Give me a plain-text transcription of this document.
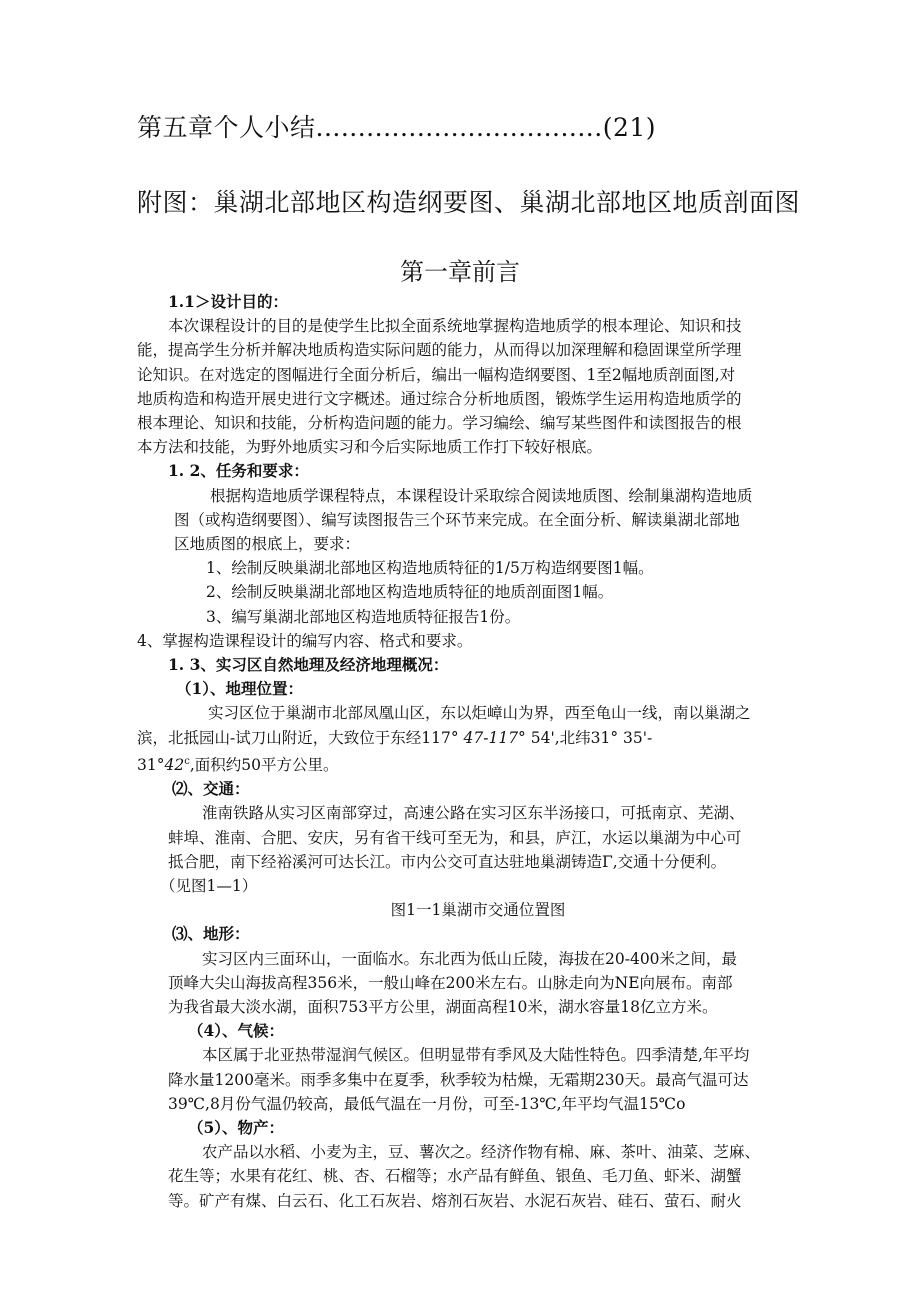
第五章个人小结..................................(21)
附图：巢湖北部地区构造纲要图、巢湖北部地区地质剖面图
第一章前言

1.1＞设计目的：

本次课程设计的目的是使学生比拟全面系统地掌握构造地质学的根本理论、知识和技

能，提高学生分析并解决地质构造实际问题的能力，从而得以加深理解和稳固课堂所学理

论知识。在对选定的图幅进行全面分析后，编出一幅构造纲要图、1至2幅地质剖面图,对

地质构造和构造开展史进行文字概述。通过综合分析地质图，锻炼学生运用构造地质学的

根本理论、知识和技能，分析构造问题的能力。学习编绘、编写某些图件和读图报告的根

本方法和技能，为野外地质实习和今后实际地质工作打下较好根底。

1. 2、任务和要求：

根据构造地质学课程特点，本课程设计采取综合阅读地质图、绘制巢湖构造地质

图（或构造纲要图）、编写读图报告三个环节来完成。在全面分析、解读巢湖北部地

区地质图的根底上，要求：

1、绘制反映巢湖北部地区构造地质特征的1/5万构造纲要图1幅。

2、绘制反映巢湖北部地区构造地质特征的地质剖面图1幅。

3、编写巢湖北部地区构造地质特征报告1份。

4、掌握构造课程设计的编写内容、格式和要求。

1. 3、实习区自然地理及经济地理概况：

（1）、地理位置：

实习区位于巢湖市北部凤凰山区，东以炬嶂山为界，西至龟山一线，南以巢湖之

滨，北抵园山-试刀山附近，大致位于东经117° 47-117° 54',北纬31° 35'-

31°42$^c$,面积约50平方公里。

⑵、交通：

淮南铁路从实习区南部穿过，高速公路在实习区东半汤接口，可抵南京、芜湖、

蚌埠、淮南、合肥、安庆，另有省干线可至无为，和县，庐江，水运以巢湖为中心可

抵合肥，南下经裕溪河可达长江。市内公交可直达驻地巢湖铸造Γ,交通十分便利。

（见图1—1）

图1一1巢湖市交通位置图

⑶、地形：

实习区内三面环山，一面临水。东北西为低山丘陵，海拔在20-400米之间，最

顶峰大尖山海拔高程356米，一般山峰在200米左右。山脉走向为NE向展布。南部

为我省最大淡水湖，面积753平方公里，湖面高程10米，湖水容量18亿立方米。

（4）、气候：

本区属于北亚热带湿润气候区。但明显带有季风及大陆性特色。四季清楚,年平均

降水量1200毫米。雨季多集中在夏季，秋季较为枯燥，无霜期230天。最高气温可达

39℃,8月份气温仍较高，最低气温在一月份，可至-13℃,年平均气温15℃o

（5）、物产：

农产品以水稻、小麦为主，豆、薯次之。经济作物有棉、麻、茶叶、油菜、芝麻、

花生等；水果有花红、桃、杏、石榴等；水产品有鲜鱼、银鱼、毛刀鱼、虾米、湖蟹

等。矿产有煤、白云石、化工石灰岩、熔剂石灰岩、水泥石灰岩、硅石、萤石、耐火
